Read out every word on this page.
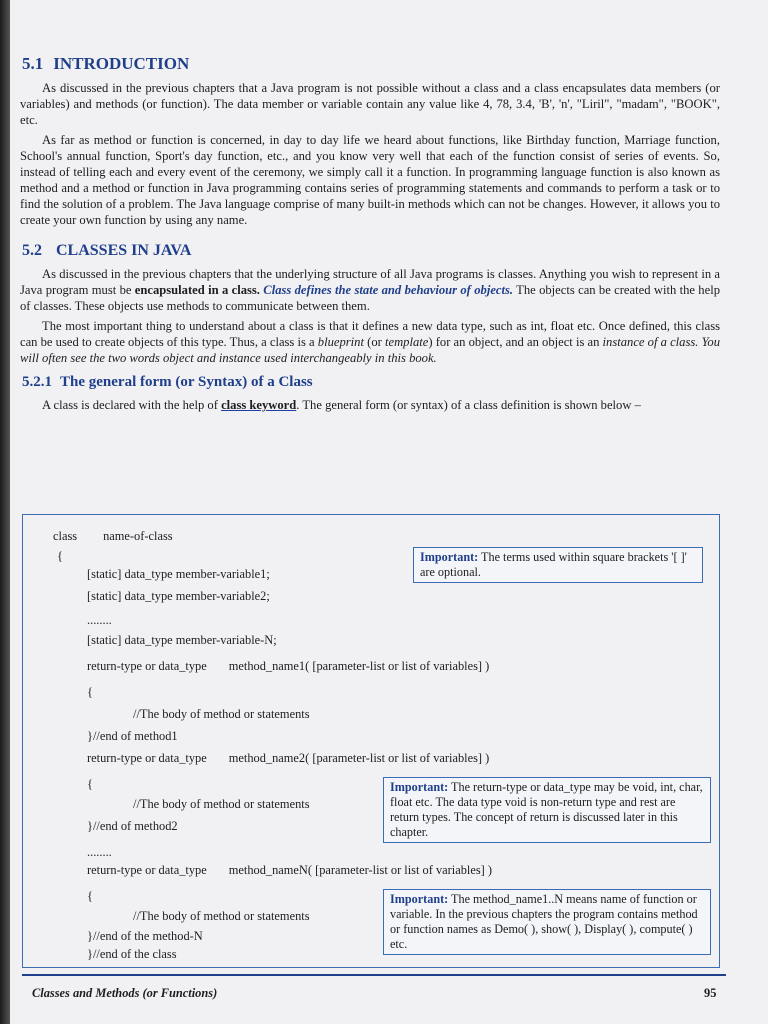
5.1 INTRODUCTION

As discussed in the previous chapters that a Java program is not possible without a class and a class encapsulates data members (or variables) and methods (or function). The data member or variable contain any value like 4, 78, 3.4, 'B', 'n', "Liril", "madam", "BOOK", etc.

As far as method or function is concerned, in day to day life we heard about functions, like Birthday function, Marriage function, School's annual function, Sport's day function, etc., and you know very well that each of the function consist of series of events. So, instead of telling each and every event of the ceremony, we simply call it a function. In programming language function is also known as method and a method or function in Java programming contains series of programming statements and commands to perform a task or to find the solution of a problem. The Java language comprise of many built-in methods which can not be changes. However, it allows you to create your own function by using any name.

5.2 CLASSES IN JAVA

As discussed in the previous chapters that the underlying structure of all Java programs is classes. Anything you wish to represent in a Java program must be encapsulated in a class. Class defines the state and behaviour of objects. The objects can be created with the help of classes. These objects use methods to communicate between them.

The most important thing to understand about a class is that it defines a new data type, such as int, float etc. Once defined, this class can be used to create objects of this type. Thus, a class is a blueprint (or template) for an object, and an object is an instance of a class. You will often see the two words object and instance used interchangeably in this book.

5.2.1 The general form (or Syntax) of a Class

A class is declared with the help of class keyword. The general form (or syntax) of a class definition is shown below –

class name-of-class
{
[static] data_type member-variable1;
[static] data_type member-variable2;
........
[static] data_type member-variable-N;
return-type or data_type method_name1( [parameter-list or list of variables] )
{
//The body of method or statements
}//end of method1
return-type or data_type method_name2( [parameter-list or list of variables] )
{
//The body of method or statements
}//end of method2
........
return-type or data_type method_nameN( [parameter-list or list of variables] )
{
//The body of method or statements
}//end of the method-N
}//end of the class
Important: The terms used within square brackets '[ ]' are optional.
Important: The return-type or data_type may be void, int, char, float etc. The data type void is non-return type and rest are return types. The concept of return is discussed later in this chapter.
Important: The method_name1..N means name of function or variable. In the previous chapters the program contains method or function names as Demo( ), show( ), Display( ), compute( ) etc.
Classes and Methods (or Functions)	95
